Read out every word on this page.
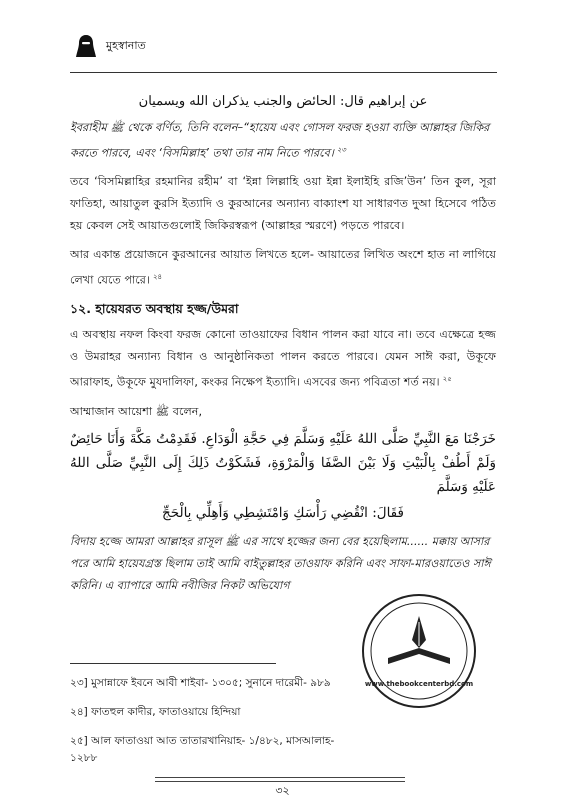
মুহস্বানাত

عن إبراهيم قال: الحائض والجنب يذكران الله ويسميان

ইবরাহীম ﷺ থেকে বর্ণিত, তিনি বলেন–“হায়েয এবং গোসল ফরজ হওয়া ব্যক্তি আল্লাহর জিকির করতে পারবে, এবং ‘বিসমিল্লাহ’ তথা তার নাম নিতে পারবে। $^{২৩}$

তবে ‘বিসমিল্লাহির রহমানির রহীম’ বা ‘ইন্না লিল্লাহি ওয়া ইন্না ইলাইহি রজি’উন’ তিন কুল, সূরা ফাতিহা, আয়াতুল কুরসি ইত্যাদি ও কুরআনের অন্যান্য বাক্যাংশ যা সাধারণত দুআ হিসেবে পঠিত হয় কেবল সেই আয়াতগুলোই জিকিরস্বরূপ (আল্লাহর স্মরণে) পড়তে পারবে।

আর একান্ত প্রয়োজনে কুরআনের আয়াত লিখতে হলে- আয়াতের লিখিত অংশে হাত না লাগিয়ে লেখা যেতে পারে। $^{২৪}$

১২. হায়েযরত অবস্থায় হজ্জ/উমরা

এ অবস্থায় নফল কিংবা ফরজ কোনো তাওয়াফের বিধান পালন করা যাবে না। তবে এক্ষেত্রে হজ্জ ও উমরাহর অন্যান্য বিধান ও আনুষ্ঠানিকতা পালন করতে পারবে। যেমন সাঈ করা, উকূফে আরাফাহ, উকূফে মুযদালিফা, কংকর নিক্ষেপ ইত্যাদি। এসবের জন্য পবিত্রতা শর্ত নয়। $^{২৫}$

আম্মাজান আয়েশা ﷺ বলেন,

خَرَجْنَا مَعَ النَّبِيِّ صَلَّى اللهُ عَلَيْهِ وَسَلَّمَ فِي حَجَّةِ الْوَدَاعِ. فَقَدِمْتُ مَكَّةَ وَأَنَا حَائِضٌ وَلَمْ أَطُفْ بِالْبَيْتِ وَلَا بَيْنَ الصَّفَا وَالْمَرْوَةِ، فَشَكَوْتُ ذَلِكَ إِلَى النَّبِيِّ صَلَّى اللهُ عَلَيْهِ وَسَلَّمَ

فَقَالَ: انْقُضِي رَأْسَكِ وَامْتَشِطِي وَأَهِلِّي بِالْحَجِّ

বিদায় হজ্জে আমরা আল্লাহর রাসূল ﷺ এর সাথে হজ্জের জন্য বের হয়েছিলাম...... মক্কায় আসার পরে আমি হায়েযগ্রস্ত ছিলাম তাই আমি বাইতুল্লাহর তাওয়াফ করিনি এবং সাফা-মারওয়াতেও সাঈ করিনি। এ ব্যাপারে আমি নবীজির নিকট অভিযোগ

২৩] মুসান্নাফে ইবনে আবী শাইবা- ১৩০৫; সুনানে দারেমী- ৯৮৯

২৪] ফাতহুল কাদীর, ফাতাওয়ায়ে হিন্দিয়া

২৫] আল ফাতাওয়া আত তাতারখানিয়াহ- ১/৪৮২, মাসআলাহ- ১২৮৮

www.thebookcenterbd.com
৩২
